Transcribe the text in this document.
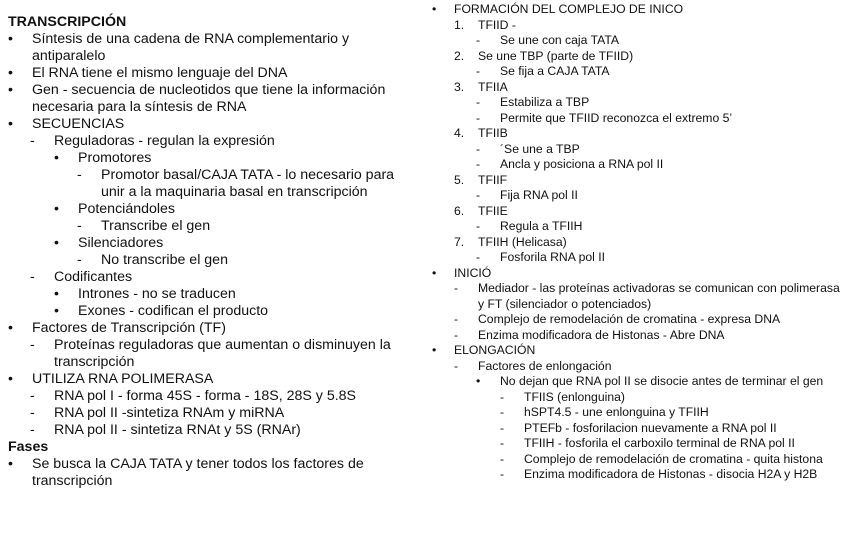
TRANSCRIPCIÓN
• Síntesis de una cadena de RNA complementario y antiparalelo
• El RNA tiene el mismo lenguaje del DNA
• Gen - secuencia de nucleotidos que tiene la información necesaria para la síntesis de RNA
• SECUENCIAS
- Reguladoras - regulan la expresión
• Promotores
- Promotor basal/CAJA TATA - lo necesario para unir a la maquinaria basal en transcripción
• Potenciándoles
- Transcribe el gen
• Silenciadores
- No transcribe el gen
- Codificantes
• Intrones - no se traducen
• Exones - codifican el producto
• Factores de Transcripción (TF)
- Proteínas reguladoras que aumentan o disminuyen la transcripción
• UTILIZA RNA POLIMERASA
- RNA pol I - forma 45S - forma - 18S, 28S y 5.8S
- RNA pol II -sintetiza RNAm y miRNA
- RNA pol II - sintetiza RNAt y 5S (RNAr)
Fases
• Se busca la CAJA TATA y tener todos los factores de transcripción
• FORMACIÓN DEL COMPLEJO DE INICO
1. TFIID -
- Se une con caja TATA
2. Se une TBP (parte de TFIID)
- Se fija a CAJA TATA
3. TFIIA
- Estabiliza a TBP
- Permite que TFIID reconozca el extremo 5’
4. TFIIB
- ´Se une a TBP
- Ancla y posiciona a RNA pol II
5. TFIIF
- Fija RNA pol II
6. TFIIE
- Regula a TFIIH
7. TFIIH (Helicasa)
- Fosforila RNA pol II
• INICIÓ
- Mediador - las proteínas activadoras se comunican con polimerasa y FT (silenciador o potenciados)
- Complejo de remodelación de cromatina - expresa DNA
- Enzima modificadora de Histonas - Abre DNA
• ELONGACIÓN
- Factores de enlongación
• No dejan que RNA pol II se disocie antes de terminar el gen
- TFIIS (enlonguina)
- hSPT4.5 - une enlonguina y TFIIH
- PTEFb - fosforilacion nuevamente a RNA pol II
- TFIIH - fosforila el carboxilo terminal de RNA pol II
- Complejo de remodelación de cromatina - quita histona
- Enzima modificadora de Histonas - disocia H2A y H2B
